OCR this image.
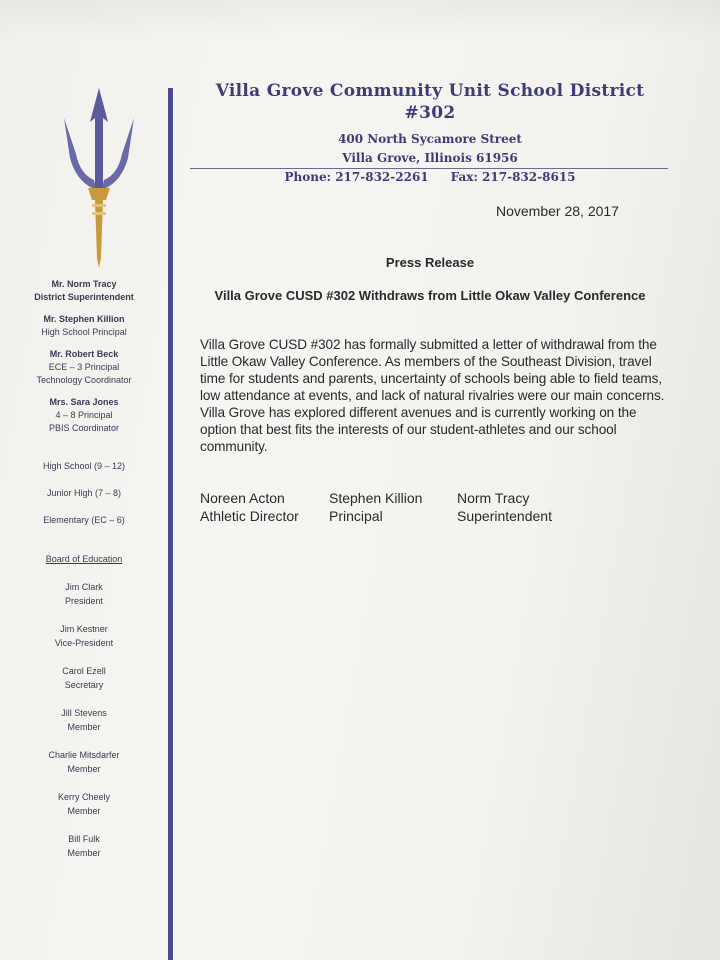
Mr. Norm Tracy
District Superintendent
Mr. Stephen Killion
High School Principal
Mr. Robert Beck
ECE – 3 Principal
Technology Coordinator
Mrs. Sara Jones
4 – 8 Principal
PBIS Coordinator
High School (9 – 12)
Junior High (7 – 8)
Elementary (EC – 6)
Board of Education
Jim Clark
President
Jim Kestner
Vice-President
Carol Ezell
Secretary
Jill Stevens
Member
Charlie Mitsdarfer
Member
Kerry Cheely
Member
Bill Fulk
Member
Villa Grove Community Unit School District #302
400 North Sycamore Street
Villa Grove, Illinois 61956
Phone: 217-832-2261 Fax: 217-832-8615
November 28, 2017
Press Release
Villa Grove CUSD #302 Withdraws from Little Okaw Valley Conference
Villa Grove CUSD #302 has formally submitted a letter of withdrawal from the Little Okaw Valley Conference. As members of the Southeast Division, travel time for students and parents, uncertainty of schools being able to field teams, low attendance at events, and lack of natural rivalries were our main concerns. Villa Grove has explored different avenues and is currently working on the option that best fits the interests of our student-athletes and our school community.
Noreen Acton
Athletic Director
Stephen Killion
Principal
Norm Tracy
Superintendent
